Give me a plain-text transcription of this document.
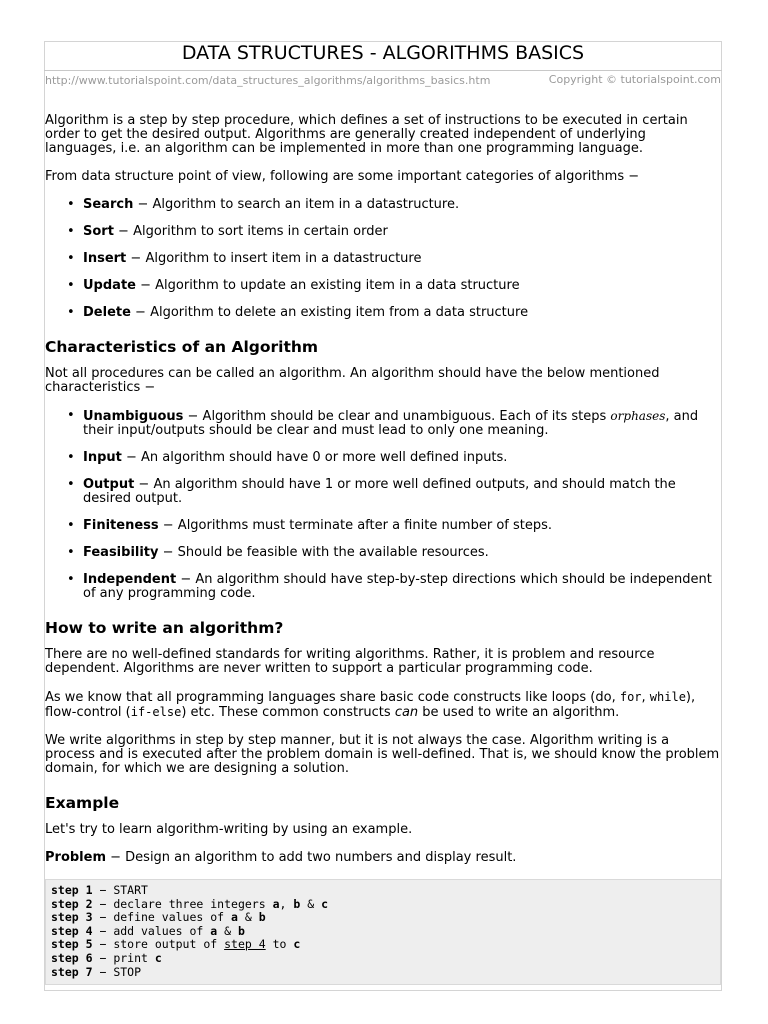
DATA STRUCTURES - ALGORITHMS BASICS
http://www.tutorialspoint.com/data_structures_algorithms/algorithms_basics.htm	Copyright © tutorialspoint.com

Algorithm is a step by step procedure, which defines a set of instructions to be executed in certain order to get the desired output. Algorithms are generally created independent of underlying languages, i.e. an algorithm can be implemented in more than one programming language.

From data structure point of view, following are some important categories of algorithms −

• Search − Algorithm to search an item in a datastructure.
• Sort − Algorithm to sort items in certain order
• Insert − Algorithm to insert item in a datastructure
• Update − Algorithm to update an existing item in a data structure
• Delete − Algorithm to delete an existing item from a data structure
Characteristics of an Algorithm

Not all procedures can be called an algorithm. An algorithm should have the below mentioned characteristics −

• Unambiguous − Algorithm should be clear and unambiguous. Each of its steps orphases, and their input/outputs should be clear and must lead to only one meaning.
• Input − An algorithm should have 0 or more well defined inputs.
• Output − An algorithm should have 1 or more well defined outputs, and should match the desired output.
• Finiteness − Algorithms must terminate after a finite number of steps.
• Feasibility − Should be feasible with the available resources.
• Independent − An algorithm should have step-by-step directions which should be independent of any programming code.
How to write an algorithm?

There are no well-defined standards for writing algorithms. Rather, it is problem and resource dependent. Algorithms are never written to support a particular programming code.

As we know that all programming languages share basic code constructs like loops (do, for, while), flow-control (if-else) etc. These common constructs can be used to write an algorithm.

We write algorithms in step by step manner, but it is not always the case. Algorithm writing is a process and is executed after the problem domain is well-defined. That is, we should know the problem domain, for which we are designing a solution.

Example

Let's try to learn algorithm-writing by using an example.

Problem − Design an algorithm to add two numbers and display result.

step 1 − START
step 2 − declare three integers a, b & c
step 3 − define values of a & b
step 4 − add values of a & b
step 5 − store output of step 4 to c
step 6 − print c
step 7 − STOP
